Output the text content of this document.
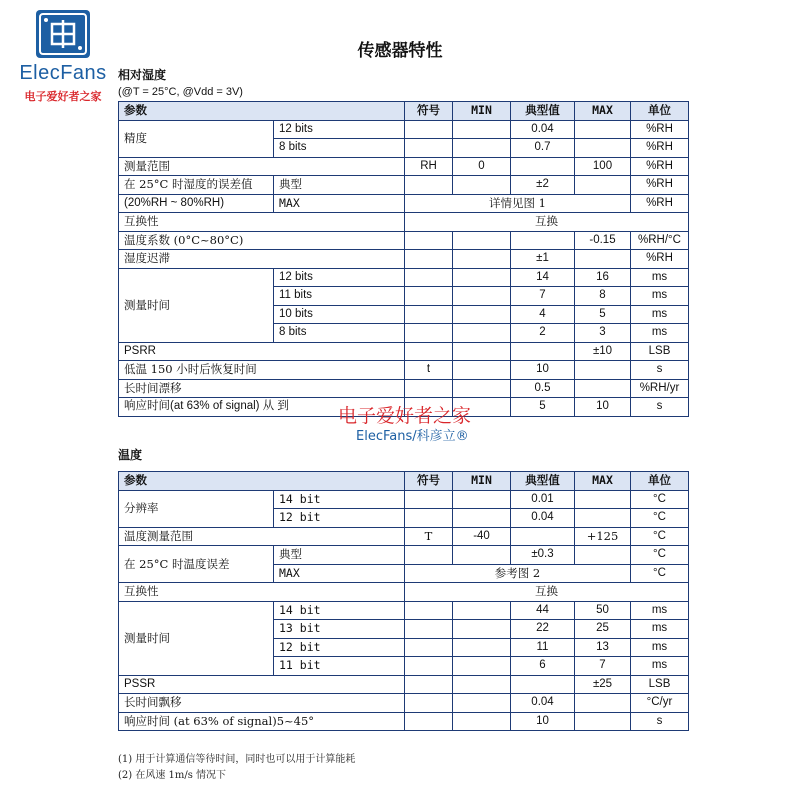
ElecFans
电子爱好者之家
传感器特性
相对湿度
(@T = 25°C, @Vdd = 3V)
参数		符号	MIN	典型值	MAX	单位
精度	12 bits			0.04		%RH
	8 bits			0.7		%RH
测量范围		RH	0		100	%RH
在 25°C 时湿度的误差值	典型			±2		%RH
(20%RH ~ 80%RH)	MAX	详情见图 1				%RH
互换性		互换				
温度系数 (0°C~80°C)					-0.15	%RH/°C
湿度迟滞				±1		%RH
测量时间	12 bits			14	16	ms
	11 bits			7	8	ms
	10 bits			4	5	ms
	8 bits			2	3	ms
PSRR					±10	LSB
低温 150 小时后恢复时间		t		10		s
长时间漂移				0.5		%RH/yr
响应时间(at 63% of signal) 从 到				5	10	s
电子爱好者之家
ElecFans/科彦立®
温度
参数		符号	MIN	典型值	MAX	单位
分辨率	14 bit			0.01		°C
	12 bit			0.04		°C
温度测量范围		T	-40		+125	°C
在 25°C 时温度误差	典型			±0.3		°C
	MAX	参考图 2				°C
互换性		互换				
测量时间	14 bit			44	50	ms
	13 bit			22	25	ms
	12 bit			11	13	ms
	11 bit			6	7	ms
PSSR					±25	LSB
长时间飘移				0.04		°C/yr
响应时间 (at 63% of signal)5~45°				10		s
(1) 用于计算通信等待时间，同时也可以用于计算能耗
(2) 在风速 1m/s 情况下
